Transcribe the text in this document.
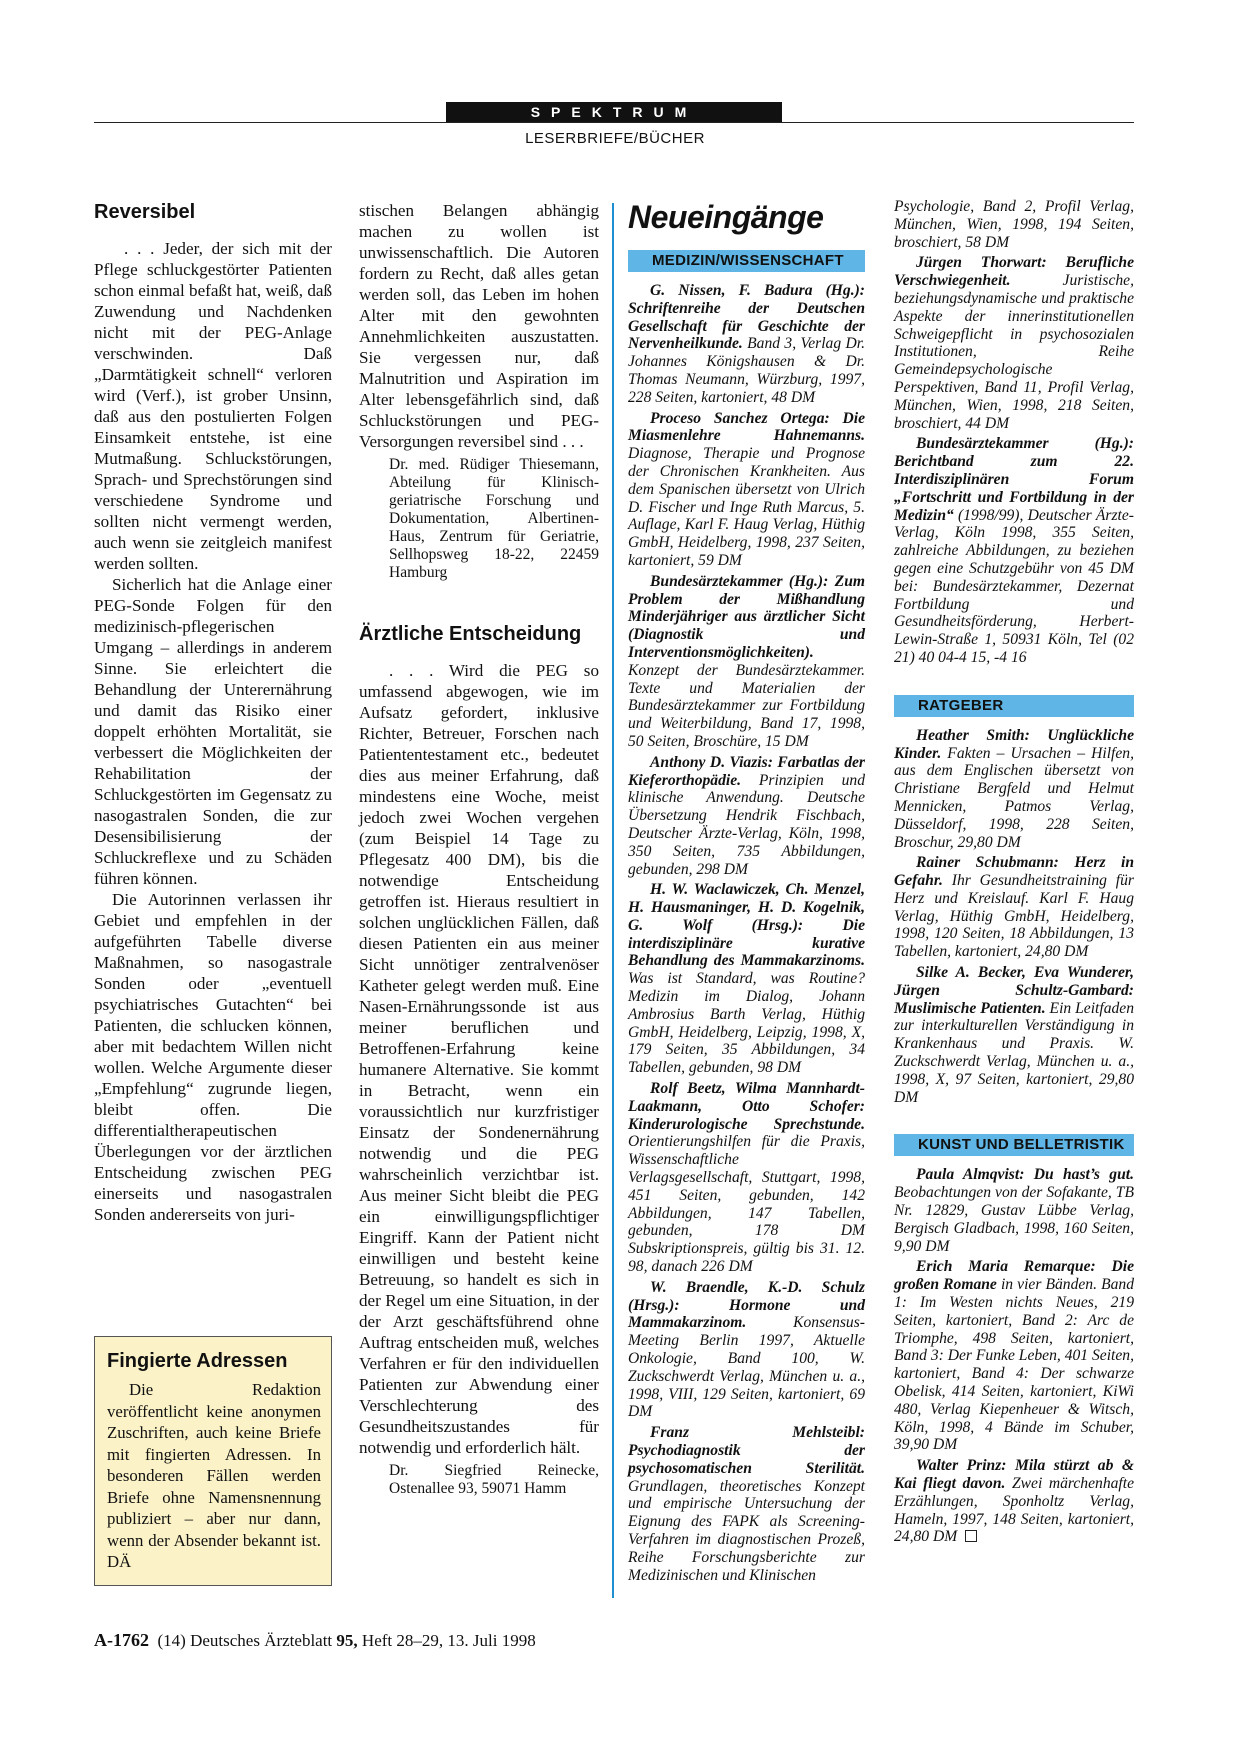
SPEKTRUM
LESERBRIEFE/BÜCHER
Reversibel

. . . Jeder, der sich mit der Pflege schluckgestörter Patienten schon einmal befaßt hat, weiß, daß Zuwendung und Nachdenken nicht mit der PEG-Anlage verschwinden. Daß „Darmtätigkeit schnell“ verloren wird (Verf.), ist grober Unsinn, daß aus den postulierten Folgen Einsamkeit entstehe, ist eine Mutmaßung. Schluckstörungen, Sprach- und Sprechstörungen sind verschiedene Syndrome und sollten nicht vermengt werden, auch wenn sie zeitgleich manifest werden sollten.

Sicherlich hat die Anlage einer PEG-Sonde Folgen für den medizinisch-pflegerischen Umgang – allerdings in anderem Sinne. Sie erleichtert die Behandlung der Unterernährung und damit das Risiko einer doppelt erhöhten Mortalität, sie verbessert die Möglichkeiten der Rehabilitation der Schluckgestörten im Gegensatz zu nasogastralen Sonden, die zur Desensibilisierung der Schluckreflexe und zu Schäden führen können.

Die Autorinnen verlassen ihr Gebiet und empfehlen in der aufgeführten Tabelle diverse Maßnahmen, so nasogastrale Sonden oder „eventuell psychiatrisches Gutachten“ bei Patienten, die schlucken können, aber mit bedachtem Willen nicht wollen. Welche Argumente dieser „Empfehlung“ zugrunde liegen, bleibt offen. Die differentialtherapeutischen Überlegungen vor der ärztlichen Entscheidung zwischen PEG einerseits und nasogastralen Sonden andererseits von juri-

stischen Belangen abhängig machen zu wollen ist unwissenschaftlich. Die Autoren fordern zu Recht, daß alles getan werden soll, das Leben im hohen Alter mit den gewohnten Annehmlichkeiten auszustatten. Sie vergessen nur, daß Malnutrition und Aspiration im Alter lebensgefährlich sind, daß Schluckstörungen und PEG-Versorgungen reversibel sind . . .

Dr. med. Rüdiger Thiesemann, Abteilung für Klinisch-geriatrische Forschung und Dokumentation, Albertinen-Haus, Zentrum für Geriatrie, Sellhopsweg 18-22, 22459 Hamburg

Ärztliche Entscheidung

. . . Wird die PEG so umfassend abgewogen, wie im Aufsatz gefordert, inklusive Richter, Betreuer, Forschen nach Patiententestament etc., bedeutet dies aus meiner Erfahrung, daß mindestens eine Woche, meist jedoch zwei Wochen vergehen (zum Beispiel 14 Tage zu Pflegesatz 400 DM), bis die notwendige Entscheidung getroffen ist. Hieraus resultiert in solchen unglücklichen Fällen, daß diesen Patienten ein aus meiner Sicht unnötiger zentralvenöser Katheter gelegt werden muß. Eine Nasen-Ernährungssonde ist aus meiner beruflichen und Betroffenen-Erfahrung keine humanere Alternative. Sie kommt in Betracht, wenn ein voraussichtlich nur kurzfristiger Einsatz der Sondenernährung notwendig und die PEG wahrscheinlich verzichtbar ist. Aus meiner Sicht bleibt die PEG ein einwilligungspflichtiger Eingriff. Kann der Patient nicht einwilligen und besteht keine Betreuung, so handelt es sich in der Regel um eine Situation, in der der Arzt geschäftsführend ohne Auftrag entscheiden muß, welches Verfahren er für den individuellen Patienten zur Abwendung einer Verschlechterung des Gesundheitszustandes für notwendig und erforderlich hält.

Dr. Siegfried Reinecke, Ostenallee 93, 59071 Hamm

Fingierte Adressen

Die Redaktion veröffentlicht keine anonymen Zuschriften, auch keine Briefe mit fingierten Adressen. In besonderen Fällen werden Briefe ohne Namensnennung publiziert – aber nur dann, wenn der Absender bekannt ist. DÄ

Neueingänge
MEDIZIN/WISSENSCHAFT

G. Nissen, F. Badura (Hg.): Schriftenreihe der Deutschen Gesellschaft für Geschichte der Nervenheilkunde. Band 3, Verlag Dr. Johannes Königshausen & Dr. Thomas Neumann, Würzburg, 1997, 228 Seiten, kartoniert, 48 DM

Proceso Sanchez Ortega: Die Miasmenlehre Hahnemanns. Diagnose, Therapie und Prognose der Chronischen Krankheiten. Aus dem Spanischen übersetzt von Ulrich D. Fischer und Inge Ruth Marcus, 5. Auflage, Karl F. Haug Verlag, Hüthig GmbH, Heidelberg, 1998, 237 Seiten, kartoniert, 59 DM

Bundesärztekammer (Hg.): Zum Problem der Mißhandlung Minderjähriger aus ärztlicher Sicht (Diagnostik und Interventionsmöglichkeiten). Konzept der Bundesärztekammer. Texte und Materialien der Bundesärztekammer zur Fortbildung und Weiterbildung, Band 17, 1998, 50 Seiten, Broschüre, 15 DM

Anthony D. Viazis: Farbatlas der Kieferorthopädie. Prinzipien und klinische Anwendung. Deutsche Übersetzung Hendrik Fischbach, Deutscher Ärzte-Verlag, Köln, 1998, 350 Seiten, 735 Abbildungen, gebunden, 298 DM

H. W. Waclawiczek, Ch. Menzel, H. Hausmaninger, H. D. Kogelnik, G. Wolf (Hrsg.): Die interdisziplinäre kurative Behandlung des Mammakarzinoms. Was ist Standard, was Routine? Medizin im Dialog, Johann Ambrosius Barth Verlag, Hüthig GmbH, Heidelberg, Leipzig, 1998, X, 179 Seiten, 35 Abbildungen, 34 Tabellen, gebunden, 98 DM

Rolf Beetz, Wilma Mannhardt-Laakmann, Otto Schofer: Kinderurologische Sprechstunde. Orientierungshilfen für die Praxis, Wissenschaftliche Verlagsgesellschaft, Stuttgart, 1998, 451 Seiten, gebunden, 142 Abbildungen, 147 Tabellen, gebunden, 178 DM Subskriptionspreis, gültig bis 31. 12. 98, danach 226 DM

W. Braendle, K.-D. Schulz (Hrsg.): Hormone und Mammakarzinom. Konsensus-Meeting Berlin 1997, Aktuelle Onkologie, Band 100, W. Zuckschwerdt Verlag, München u. a., 1998, VIII, 129 Seiten, kartoniert, 69 DM

Franz Mehlsteibl: Psychodiagnostik der psychosomatischen Sterilität. Grundlagen, theoretisches Konzept und empirische Untersuchung der Eignung des FAPK als Screening-Verfahren im diagnostischen Prozeß, Reihe Forschungsberichte zur Medizinischen und Klinischen

Psychologie, Band 2, Profil Verlag, München, Wien, 1998, 194 Seiten, broschiert, 58 DM

Jürgen Thorwart: Berufliche Verschwiegenheit. Juristische, beziehungsdynamische und praktische Aspekte der innerinstitutionellen Schweigepflicht in psychosozialen Institutionen, Reihe Gemeindepsychologische Perspektiven, Band 11, Profil Verlag, München, Wien, 1998, 218 Seiten, broschiert, 44 DM

Bundesärztekammer (Hg.): Berichtband zum 22. Interdisziplinären Forum „Fortschritt und Fortbildung in der Medizin“ (1998/99), Deutscher Ärzte-Verlag, Köln 1998, 355 Seiten, zahlreiche Abbildungen, zu beziehen gegen eine Schutzgebühr von 45 DM bei: Bundesärztekammer, Dezernat Fortbildung und Gesundheitsförderung, Herbert-Lewin-Straße 1, 50931 Köln, Tel (02 21) 40 04-4 15, -4 16

RATGEBER

Heather Smith: Unglückliche Kinder. Fakten – Ursachen – Hilfen, aus dem Englischen übersetzt von Christiane Bergfeld und Helmut Mennicken, Patmos Verlag, Düsseldorf, 1998, 228 Seiten, Broschur, 29,80 DM

Rainer Schubmann: Herz in Gefahr. Ihr Gesundheitstraining für Herz und Kreislauf. Karl F. Haug Verlag, Hüthig GmbH, Heidelberg, 1998, 120 Seiten, 18 Abbildungen, 13 Tabellen, kartoniert, 24,80 DM

Silke A. Becker, Eva Wunderer, Jürgen Schultz-Gambard: Muslimische Patienten. Ein Leitfaden zur interkulturellen Verständigung in Krankenhaus und Praxis. W. Zuckschwerdt Verlag, München u. a., 1998, X, 97 Seiten, kartoniert, 29,80 DM

KUNST UND BELLETRISTIK

Paula Almqvist: Du hast’s gut. Beobachtungen von der Sofakante, TB Nr. 12829, Gustav Lübbe Verlag, Bergisch Gladbach, 1998, 160 Seiten, 9,90 DM

Erich Maria Remarque: Die großen Romane in vier Bänden. Band 1: Im Westen nichts Neues, 219 Seiten, kartoniert, Band 2: Arc de Triomphe, 498 Seiten, kartoniert, Band 3: Der Funke Leben, 401 Seiten, kartoniert, Band 4: Der schwarze Obelisk, 414 Seiten, kartoniert, KiWi 480, Verlag Kiepenheuer & Witsch, Köln, 1998, 4 Bände im Schuber, 39,90 DM

Walter Prinz: Mila stürzt ab & Kai fliegt davon. Zwei märchenhafte Erzählungen, Sponholtz Verlag, Hameln, 1997, 148 Seiten, kartoniert, 24,80 DM

A-1762 (14) Deutsches Ärzteblatt 95, Heft 28–29, 13. Juli 1998
